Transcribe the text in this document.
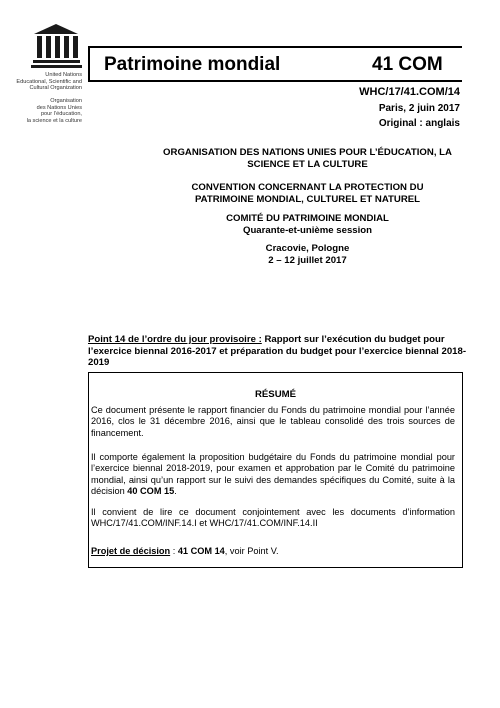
United Nations
Educational, Scientific and
Cultural Organization
Organisation
des Nations Unies
pour l’éducation,
la science et la culture
Patrimoine mondial	41 COM
WHC/17/41.COM/14
Paris, 2 juin 2017
Original : anglais
ORGANISATION DES NATIONS UNIES POUR L’ÉDUCATION, LA
SCIENCE ET LA CULTURE
CONVENTION CONCERNANT LA PROTECTION DU
PATRIMOINE MONDIAL, CULTUREL ET NATUREL
COMITÉ DU PATRIMOINE MONDIAL
Quarante-et-unième session
Cracovie, Pologne
2 – 12 juillet 2017
Point 14 de l’ordre du jour provisoire : Rapport sur l’exécution du budget pour l’exercice biennal 2016-2017 et préparation du budget pour l’exercice biennal 2018-2019
RÉSUMÉ
Ce document présente le rapport financier du Fonds du patrimoine mondial pour l’année 2016, clos le 31 décembre 2016, ainsi que le tableau consolidé des trois sources de financement.
Il comporte également la proposition budgétaire du Fonds du patrimoine mondial pour l’exercice biennal 2018-2019, pour examen et approbation par le Comité du patrimoine mondial, ainsi qu’un rapport sur le suivi des demandes spécifiques du Comité, suite à la décision 40 COM 15.
Il convient de lire ce document conjointement avec les documents d’information WHC/17/41.COM/INF.14.I et WHC/17/41.COM/INF.14.II
Projet de décision : 41 COM 14, voir Point V.
